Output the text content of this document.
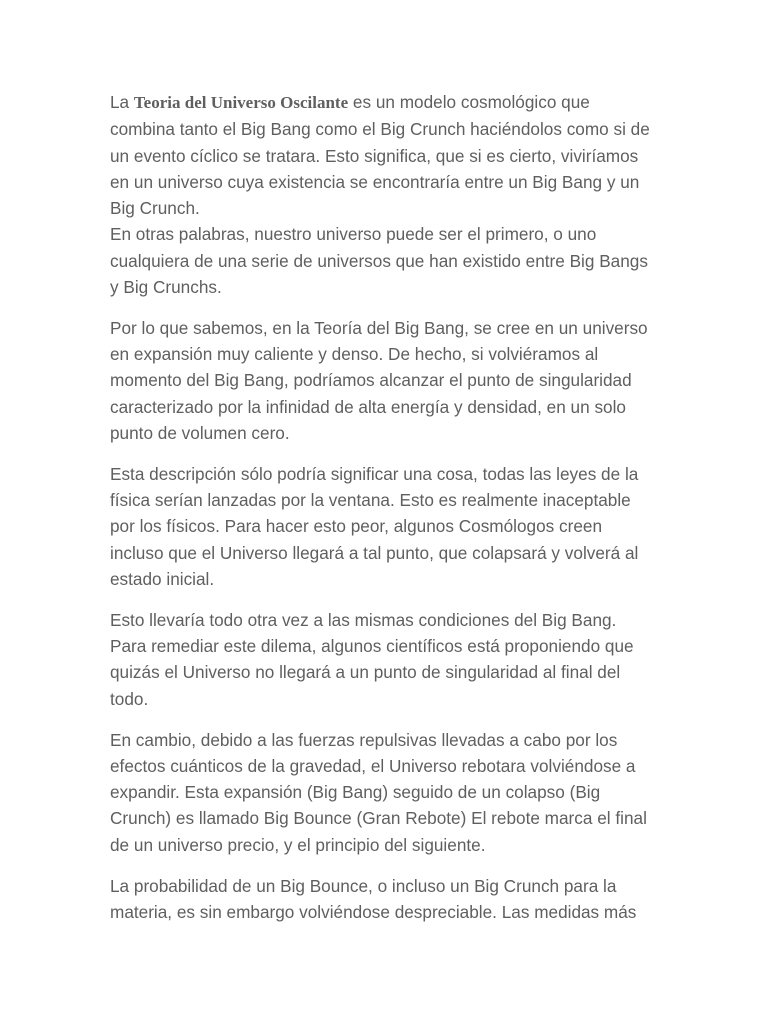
La Teoria del Universo Oscilante es un modelo cosmológico que
combina tanto el Big Bang como el Big Crunch haciéndolos como si de
un evento cíclico se tratara. Esto significa, que si es cierto, viviríamos
en un universo cuya existencia se encontraría entre un Big Bang y un
Big Crunch.
En otras palabras, nuestro universo puede ser el primero, o uno
cualquiera de una serie de universos que han existido entre Big Bangs
y Big Crunchs.

Por lo que sabemos, en la Teoría del Big Bang, se cree en un universo
en expansión muy caliente y denso. De hecho, si volviéramos al
momento del Big Bang, podríamos alcanzar el punto de singularidad
caracterizado por la infinidad de alta energía y densidad, en un solo
punto de volumen cero.

Esta descripción sólo podría significar una cosa, todas las leyes de la
física serían lanzadas por la ventana. Esto es realmente inaceptable
por los físicos. Para hacer esto peor, algunos Cosmólogos creen
incluso que el Universo llegará a tal punto, que colapsará y volverá al
estado inicial.

Esto llevaría todo otra vez a las mismas condiciones del Big Bang.
Para remediar este dilema, algunos científicos está proponiendo que
quizás el Universo no llegará a un punto de singularidad al final del
todo.

En cambio, debido a las fuerzas repulsivas llevadas a cabo por los
efectos cuánticos de la gravedad, el Universo rebotara volviéndose a
expandir. Esta expansión (Big Bang) seguido de un colapso (Big
Crunch) es llamado Big Bounce (Gran Rebote) El rebote marca el final
de un universo precio, y el principio del siguiente.

La probabilidad de un Big Bounce, o incluso un Big Crunch para la
materia, es sin embargo volviéndose despreciable. Las medidas más
